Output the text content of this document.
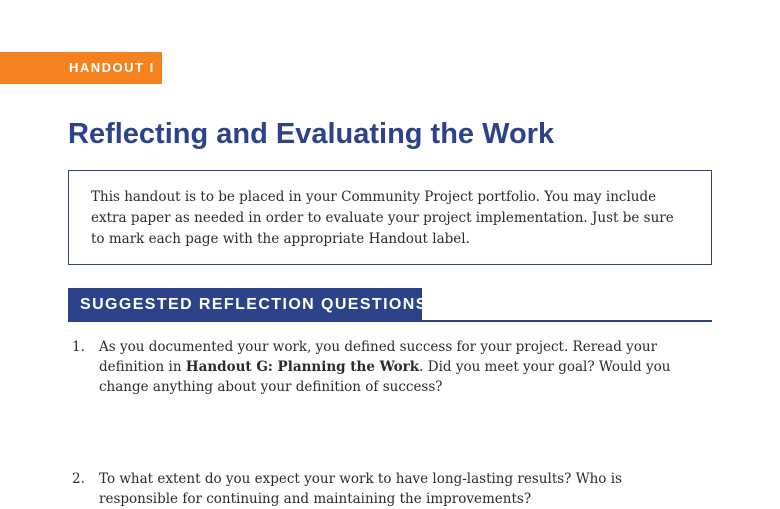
HANDOUT I
Reflecting and Evaluating the Work
This handout is to be placed in your Community Project portfolio. You may include extra paper as needed in order to evaluate your project implementation. Just be sure to mark each page with the appropriate Handout label.
SUGGESTED REFLECTION QUESTIONS
1. As you documented your work, you defined success for your project. Reread your definition in Handout G: Planning the Work. Did you meet your goal? Would you change anything about your definition of success?
2. To what extent do you expect your work to have long-lasting results? Who is responsible for continuing and maintaining the improvements?
